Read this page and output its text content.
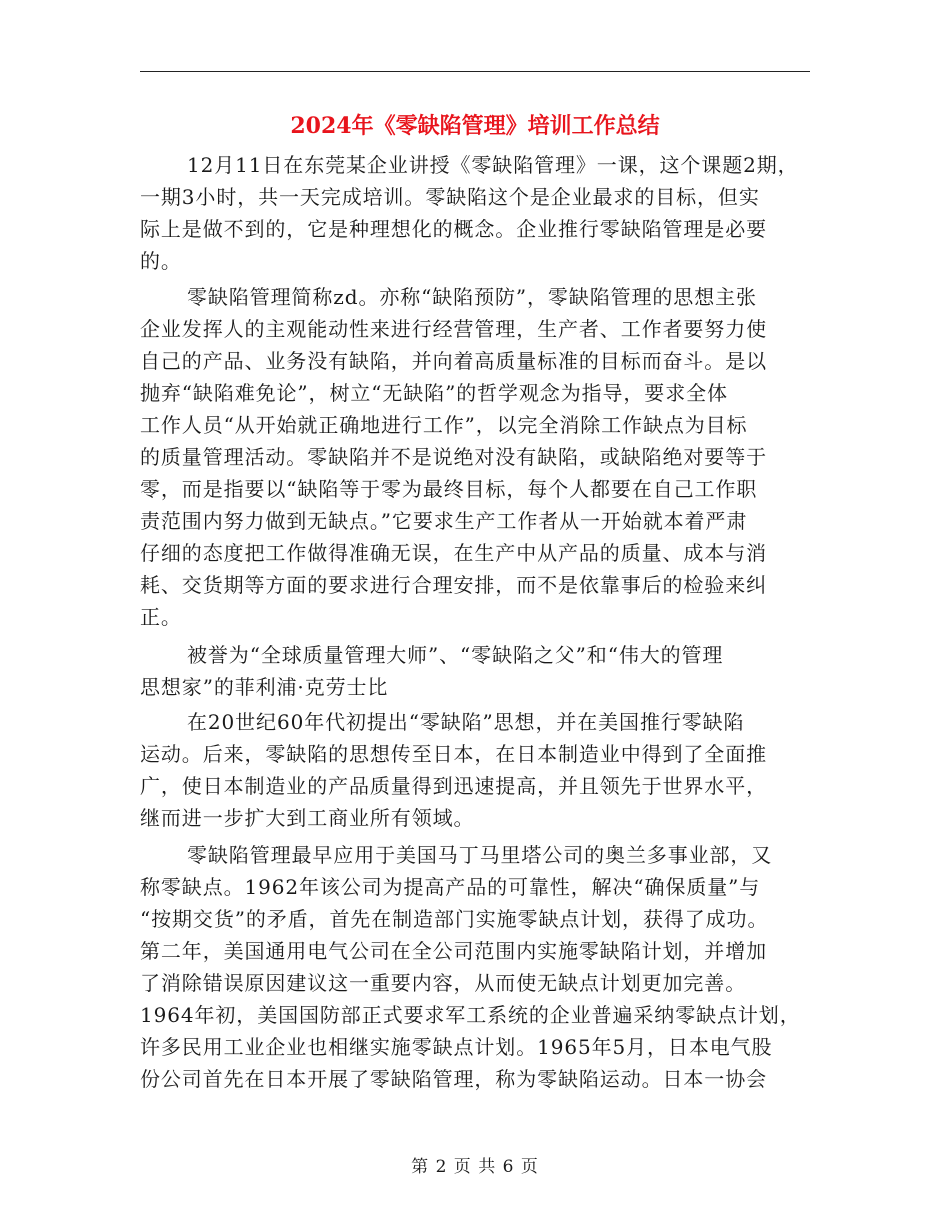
2024年《零缺陷管理》培训工作总结
12月11日在东莞某企业讲授《零缺陷管理》一课，这个课题2期，
一期3小时，共一天完成培训。零缺陷这个是企业最求的目标，但实
际上是做不到的，它是种理想化的概念。企业推行零缺陷管理是必要
的。
零缺陷管理简称zd。亦称“缺陷预防”，零缺陷管理的思想主张
企业发挥人的主观能动性来进行经营管理，生产者、工作者要努力使
自己的产品、业务没有缺陷，并向着高质量标准的目标而奋斗。是以
抛弃“缺陷难免论”，树立“无缺陷”的哲学观念为指导，要求全体
工作人员“从开始就正确地进行工作”，以完全消除工作缺点为目标
的质量管理活动。零缺陷并不是说绝对没有缺陷，或缺陷绝对要等于
零，而是指要以“缺陷等于零为最终目标，每个人都要在自己工作职
责范围内努力做到无缺点。”它要求生产工作者从一开始就本着严肃
仔细的态度把工作做得准确无误，在生产中从产品的质量、成本与消
耗、交货期等方面的要求进行合理安排，而不是依靠事后的检验来纠
正。
被誉为“全球质量管理大师”、“零缺陷之父”和“伟大的管理
思想家”的菲利浦·克劳士比
在20世纪60年代初提出“零缺陷”思想，并在美国推行零缺陷
运动。后来，零缺陷的思想传至日本，在日本制造业中得到了全面推
广，使日本制造业的产品质量得到迅速提高，并且领先于世界水平，
继而进一步扩大到工商业所有领域。
零缺陷管理最早应用于美国马丁马里塔公司的奥兰多事业部，又
称零缺点。1962年该公司为提高产品的可靠性，解决“确保质量”与
“按期交货”的矛盾，首先在制造部门实施零缺点计划，获得了成功。
第二年，美国通用电气公司在全公司范围内实施零缺陷计划，并增加
了消除错误原因建议这一重要内容，从而使无缺点计划更加完善。
1964年初，美国国防部正式要求军工系统的企业普遍采纳零缺点计划，
许多民用工业企业也相继实施零缺点计划。1965年5月，日本电气股
份公司首先在日本开展了零缺陷管理，称为零缺陷运动。日本一协会
第 2 页 共 6 页
